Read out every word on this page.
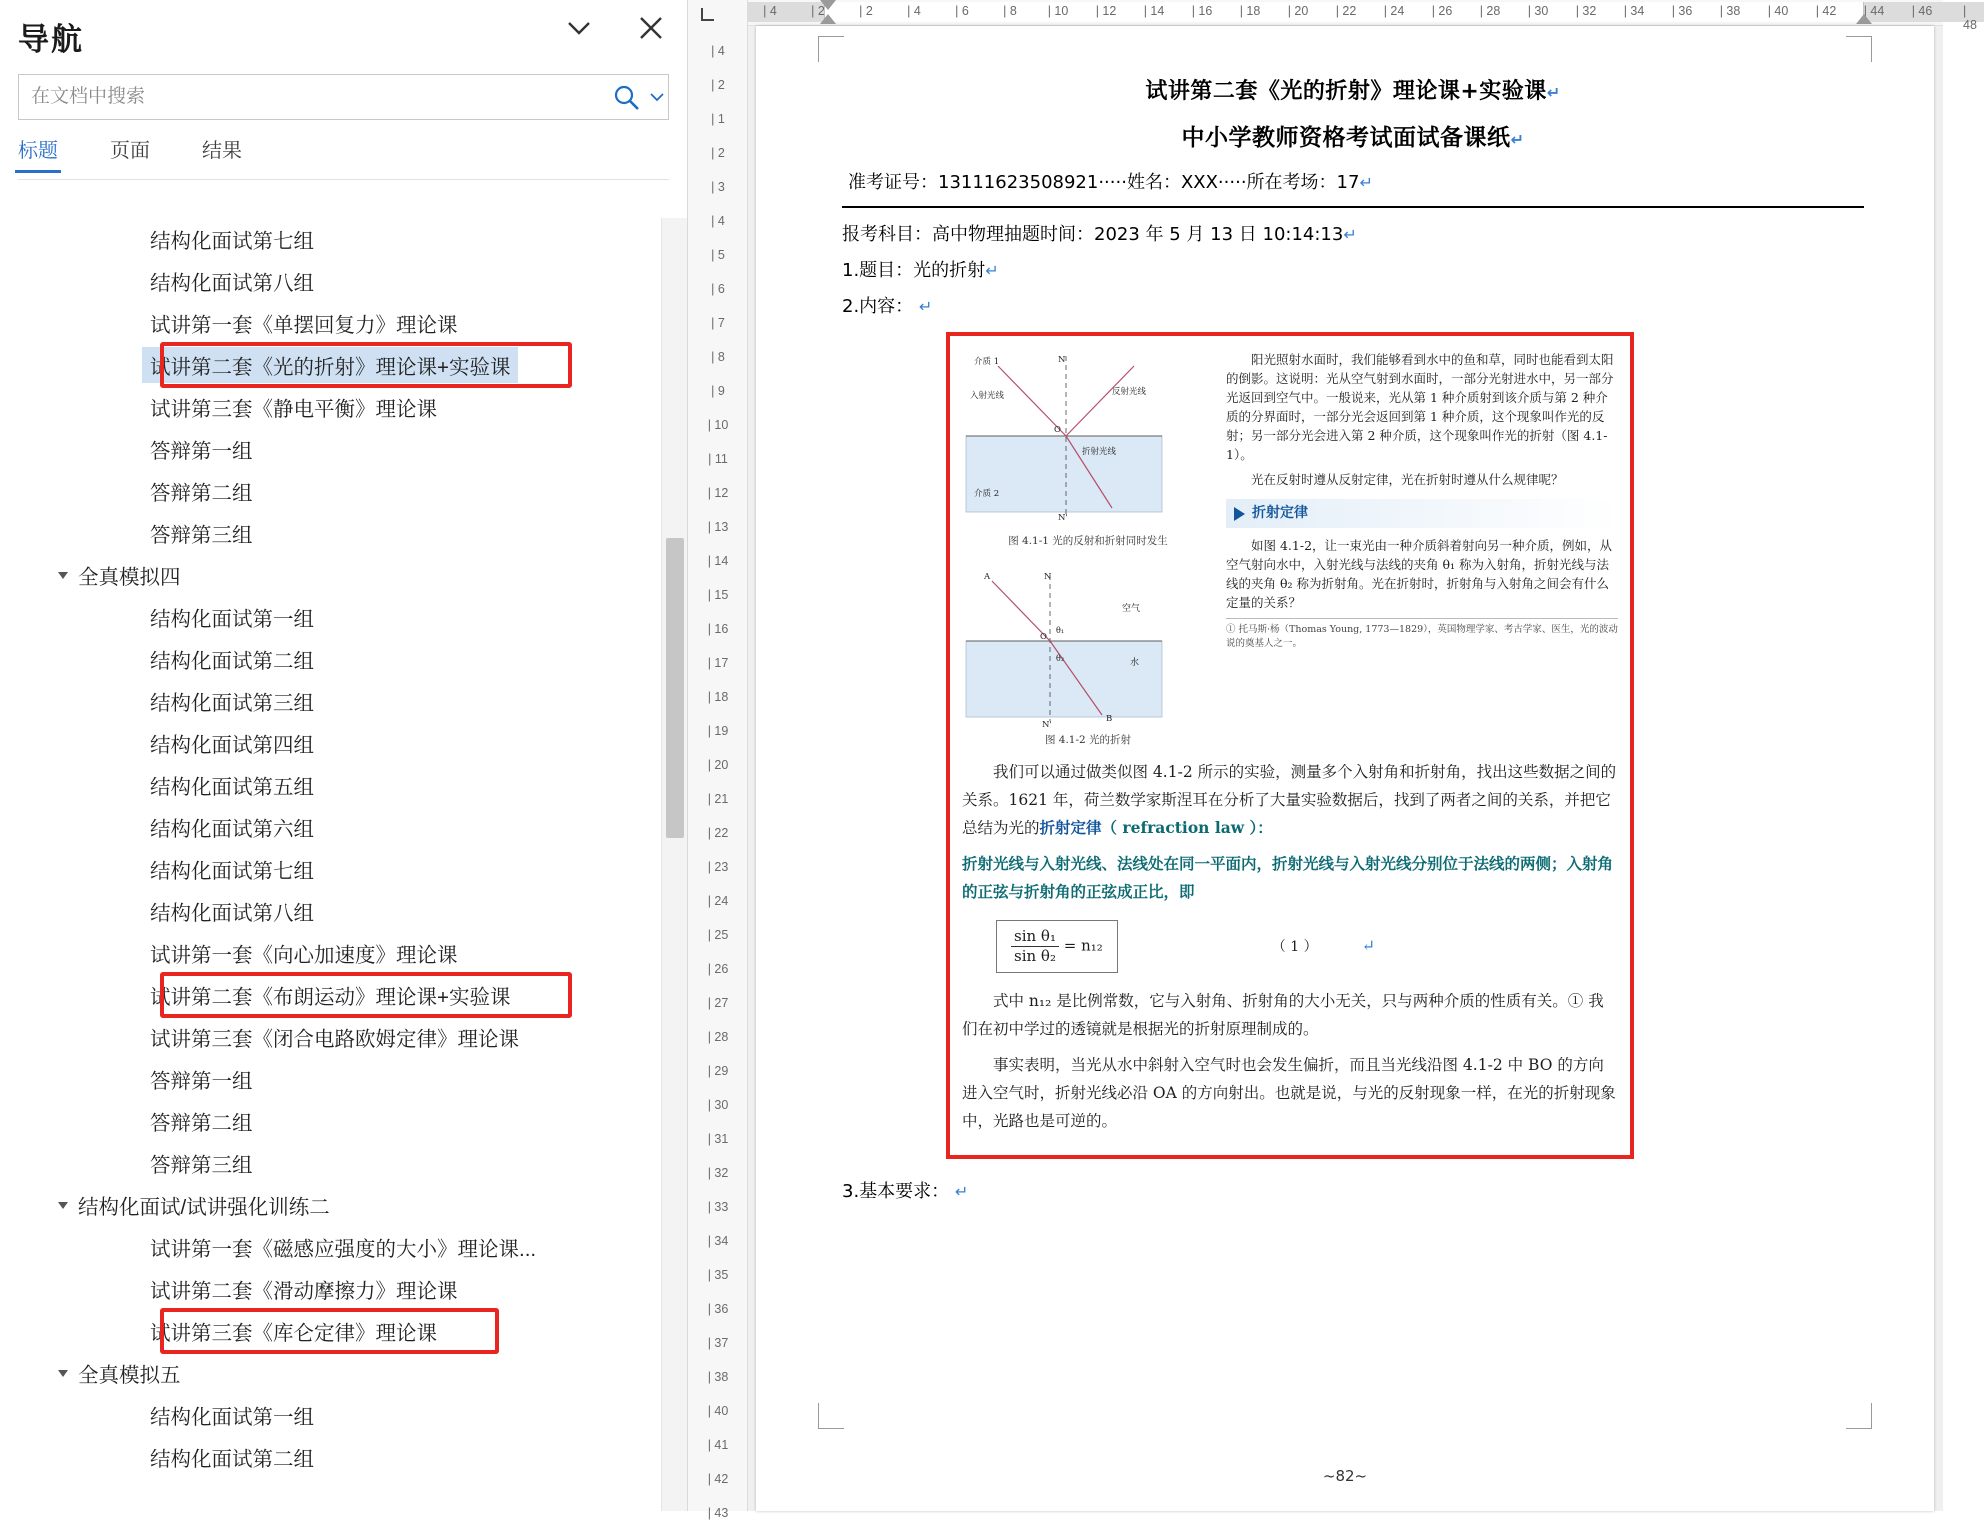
导航
在文档中搜索
标题	页面	结果
结构化面试第七组
结构化面试第八组
试讲第一套《单摆回复力》理论课
试讲第二套《光的折射》理论课+实验课
试讲第三套《静电平衡》理论课
答辩第一组
答辩第二组
答辩第三组
全真模拟四
结构化面试第一组
结构化面试第二组
结构化面试第三组
结构化面试第四组
结构化面试第五组
结构化面试第六组
结构化面试第七组
结构化面试第八组
试讲第一套《向心加速度》理论课
试讲第二套《布朗运动》理论课+实验课
试讲第三套《闭合电路欧姆定律》理论课
答辩第一组
答辩第二组
答辩第三组
结构化面试/试讲强化训练二
试讲第一套《磁感应强度的大小》理论课...
试讲第二套《滑动摩擦力》理论课
试讲第三套《库仑定律》理论课
全真模拟五
结构化面试第一组
结构化面试第二组
| 4
| 2
| 1
| 2
| 3
| 4
| 5
| 6
| 7
| 8
| 9
| 10
| 11
| 12
| 13
| 14
| 15
| 16
| 17
| 18
| 19
| 20
| 21
| 22
| 23
| 24
| 25
| 26
| 27
| 28
| 29
| 30
| 31
| 32
| 33
| 34
| 35
| 36
| 37
| 38
| 40
| 41
| 42
| 43
| 4	| 2	| 2	| 4	| 6	| 8 | 10 | 12 | 14 | 16 | 18 | 20 | 22 | 24 | 26 | 28 | 30 | 32 | 34 | 36 | 38 | 40 | 42 | 44 | 46 | 48
试讲第二套《光的折射》理论课+实验课↵
中小学教师资格考试面试备课纸↵
准考证号：13111623508921·····姓名：XXX·····所在考场：17↵
报考科目：高中物理抽题时间：2023 年 5 月 13 日 10:14:13↵
1.题目：光的折射↵
2.内容： ↵
介质 1	N
入射光线	反射光线
折射光线
O
N'
介质 2
图 4.1-1 光的反射和折射同时发生
A	N
空气
水
θ₁
θ₂
O
B
N'
图 4.1-2 光的折射

阳光照射水面时，我们能够看到水中的鱼和草，同时也能看到太阳的倒影。这说明：光从空气射到水面时，一部分光射进水中，另一部分光返回到空气中。一般说来，光从第 1 种介质射到该介质与第 2 种介质的分界面时，一部分光会返回到第 1 种介质，这个现象叫作光的反射；另一部分光会进入第 2 种介质，这个现象叫作光的折射（图 4.1-1）。

光在反射时遵从反射定律，光在折射时遵从什么规律呢？

折射定律

如图 4.1-2，让一束光由一种介质斜着射向另一种介质，例如，从空气射向水中，入射光线与法线的夹角 θ₁ 称为入射角，折射光线与法线的夹角 θ₂ 称为折射角。光在折射时，折射角与入射角之间会有什么定量的关系？

① 托马斯·杨（Thomas Young, 1773—1829），英国物理学家、考古学家、医生，光的波动说的奠基人之一。

我们可以通过做类似图 4.1-2 所示的实验，测量多个入射角和折射角，找出这些数据之间的关系。1621 年，荷兰数学家斯涅耳在分析了大量实验数据后，找到了两者之间的关系，并把它总结为光的折射定律（ refraction law ）：

折射光线与入射光线、法线处在同一平面内，折射光线与入射光线分别位于法线的两侧；入射角的正弦与折射角的正弦成正比，即

$\frac{\text{sin θ₁}}{\text{sin θ₂}} = n_{12}$	（ 1 ）	↵

式中 n₁₂ 是比例常数，它与入射角、折射角的大小无关，只与两种介质的性质有关。① 我们在初中学过的透镜就是根据光的折射原理制成的。

事实表明，当光从水中斜射入空气时也会发生偏折，而且当光线沿图 4.1-2 中 BO 的方向进入空气时，折射光线必沿 OA 的方向射出。也就是说，与光的反射现象一样，在光的折射现象中，光路也是可逆的。

3.基本要求： ↵
~82~
